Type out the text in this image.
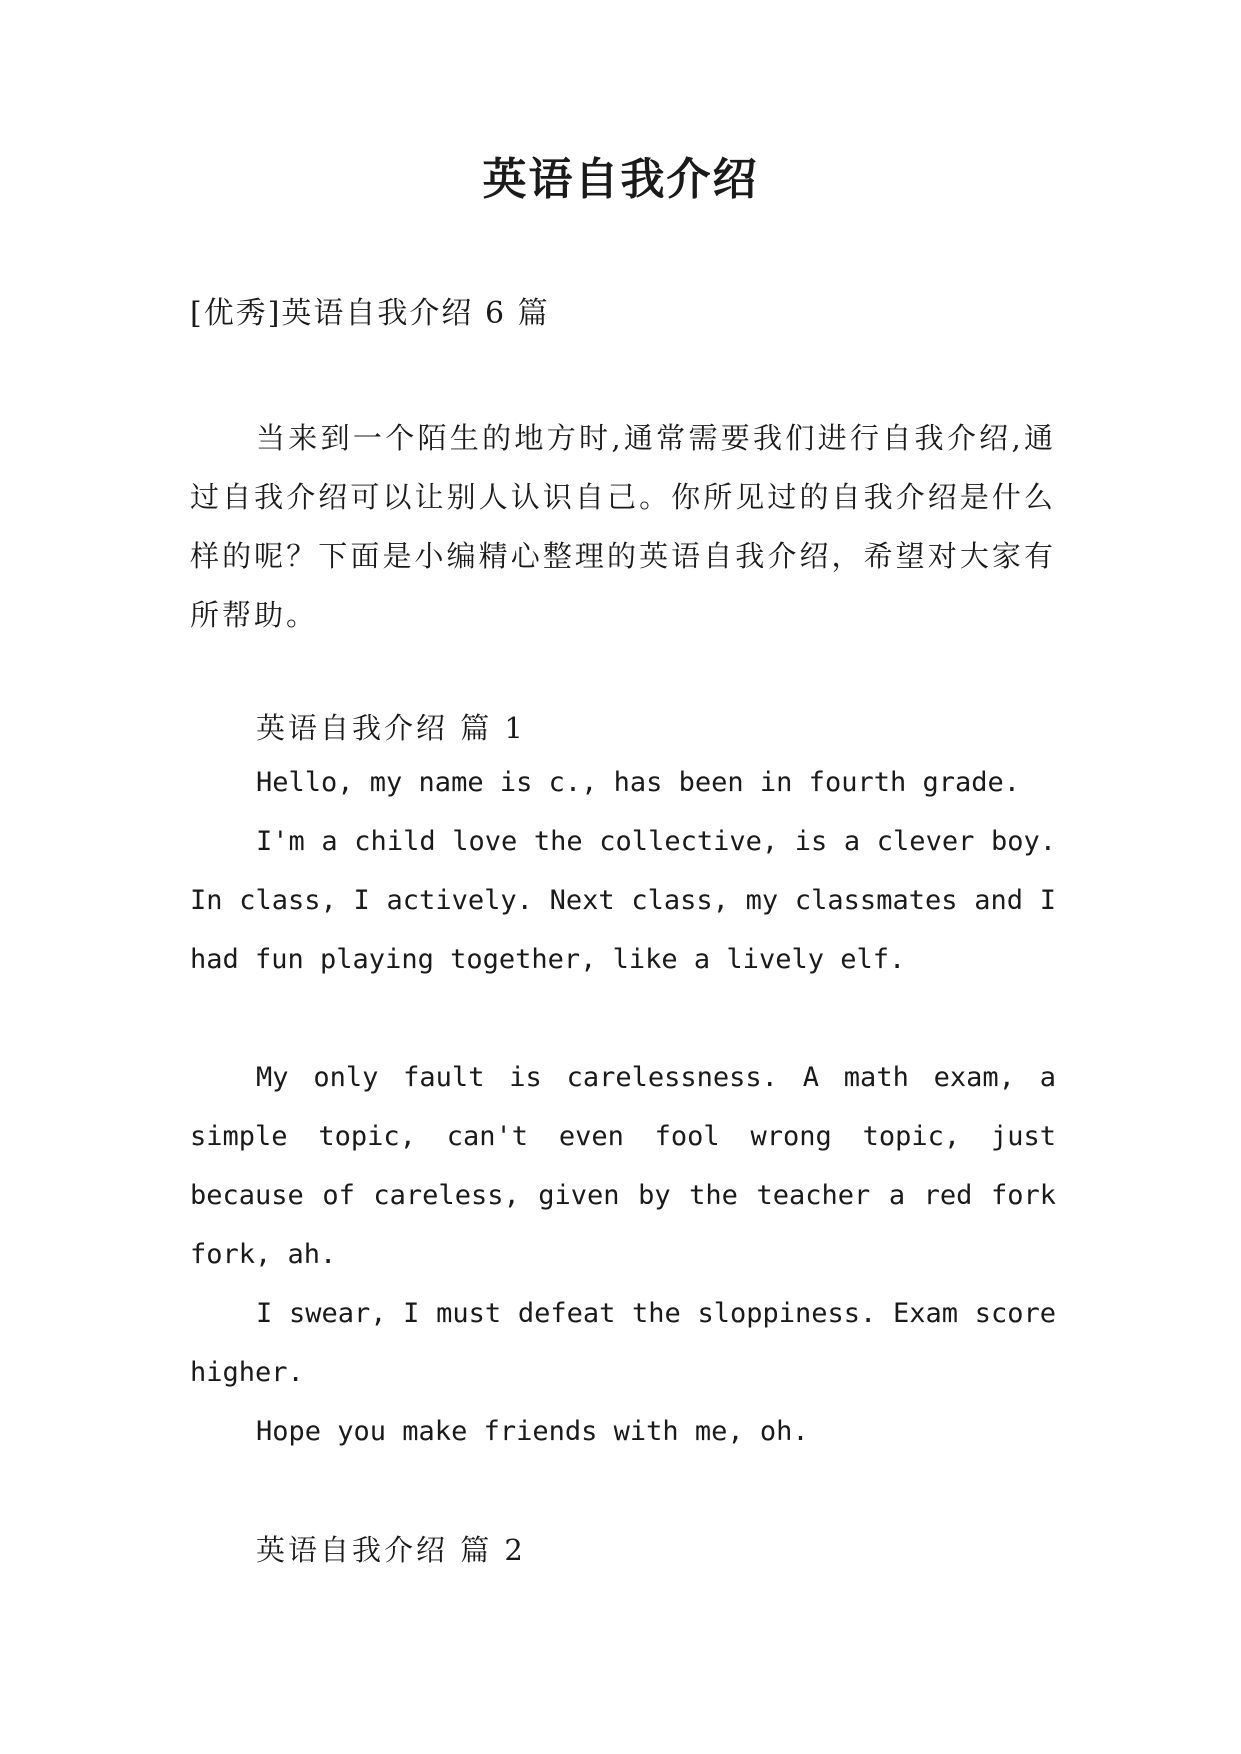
英语自我介绍
[优秀]英语自我介绍 6 篇

当来到一个陌生的地方时,通常需要我们进行自我介绍,通过自我介绍可以让别人认识自己。你所见过的自我介绍是什么样的呢？下面是小编精心整理的英语自我介绍，希望对大家有所帮助。

英语自我介绍 篇 1

Hello, my name is c., has been in fourth grade.

I'm a child love the collective, is a clever boy. In class, I actively. Next class, my classmates and I had fun playing together, like a lively elf.

My only fault is carelessness. A math exam, a simple topic, can't even fool wrong topic, just because of careless, given by the teacher a red fork fork, ah.

I swear, I must defeat the sloppiness. Exam score higher.

Hope you make friends with me, oh.

英语自我介绍 篇 2
